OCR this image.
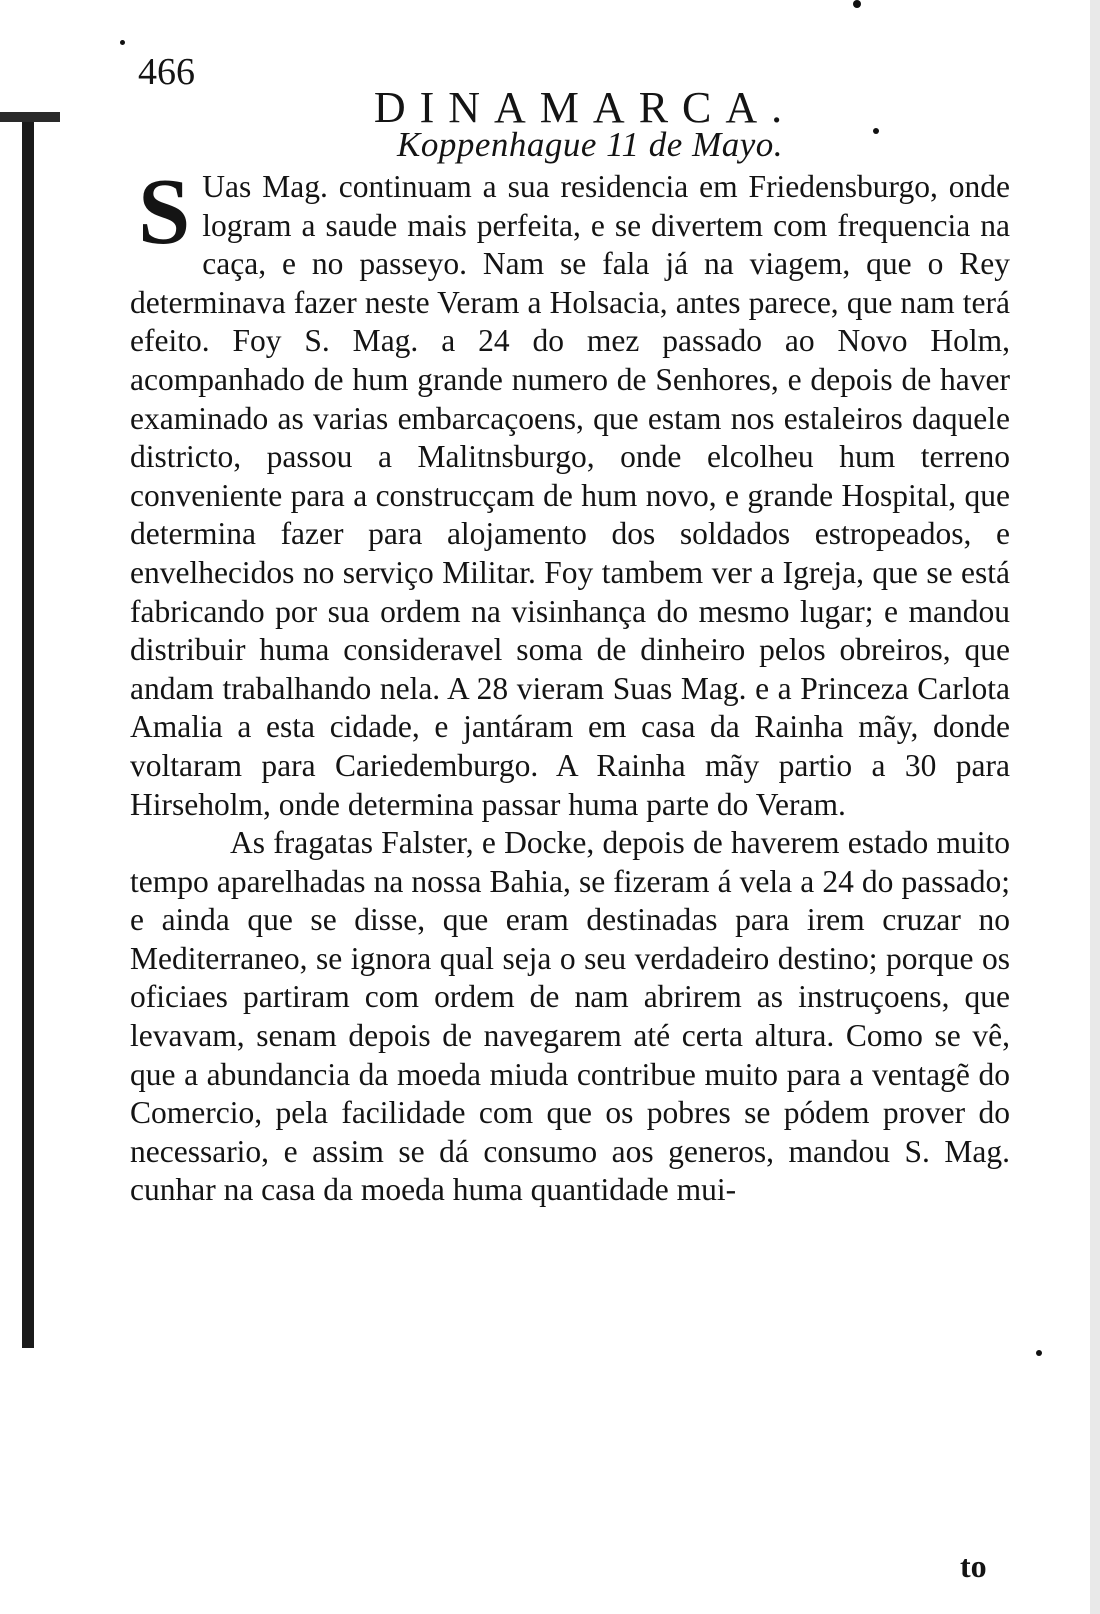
466
DINAMARCA.
Koppenhague 11 de Mayo.

S Uas Mag. continuam a sua residencia em Friedensburgo, onde logram a saude mais perfeita, e se divertem com frequencia na caça, e no passeyo. Nam se fala já na viagem, que o Rey determinava fazer neste Veram a Holsacia, antes parece, que nam terá efeito. Foy S. Mag. a 24 do mez passado ao Novo Holm, acompanhado de hum grande numero de Senhores, e depois de haver examinado as varias embarcaçoens, que estam nos estaleiros daquele districto, passou a Malitnsburgo, onde elcolheu hum terreno conveniente para a construcçam de hum novo, e grande Hospital, que determina fazer para alojamento dos soldados estropeados, e envelhecidos no serviço Militar. Foy tambem ver a Igreja, que se está fabricando por sua ordem na visinhança do mesmo lugar; e mandou distribuir huma consideravel soma de dinheiro pelos obreiros, que andam trabalhando nela. A 28 vieram Suas Mag. e a Princeza Carlota Amalia a esta cidade, e jantáram em casa da Rainha mãy, donde voltaram para Cariedemburgo. A Rainha mãy partio a 30 para Hirseholm, onde determina passar huma parte do Veram.

As fragatas Falster, e Docke, depois de haverem estado muito tempo aparelhadas na nossa Bahia, se fizeram á vela a 24 do passado; e ainda que se disse, que eram destinadas para irem cruzar no Mediterraneo, se ignora qual seja o seu verdadeiro destino; porque os oficiaes partiram com ordem de nam abrirem as instruçoens, que levavam, senam depois de navegarem até certa altura. Como se vê, que a abundancia da moeda miuda contribue muito para a ventagẽ do Comercio, pela facilidade com que os pobres se pódem prover do necessario, e assim se dá consumo aos generos, mandou S. Mag. cunhar na casa da moeda huma quantidade mui-

to
